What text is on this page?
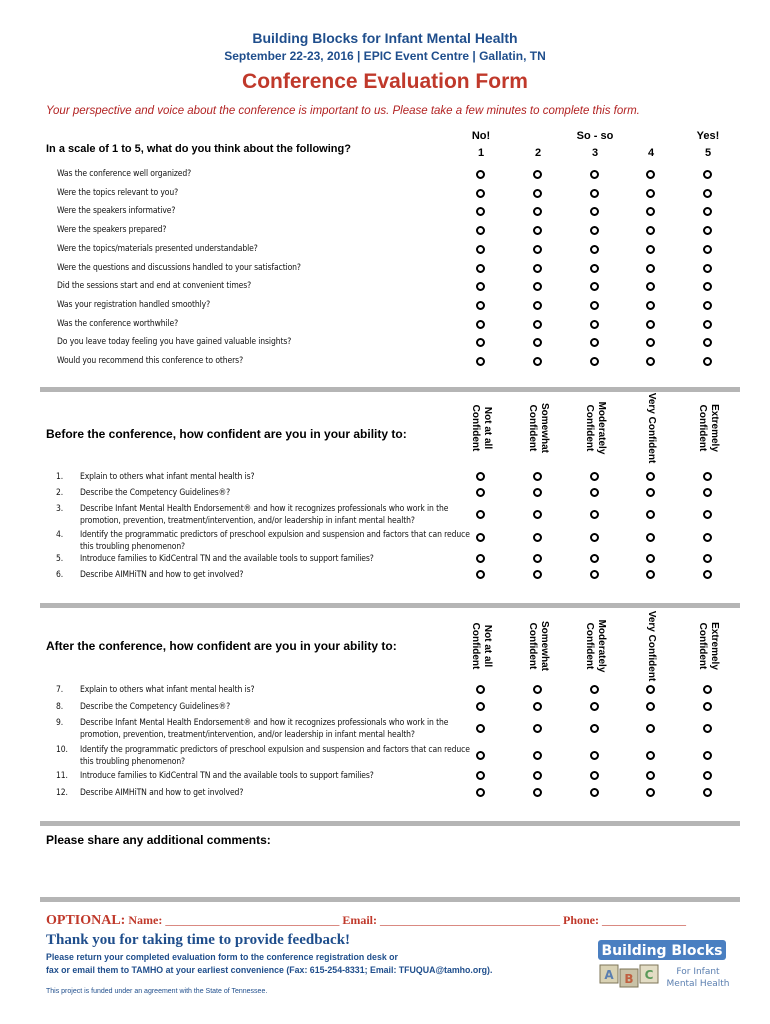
Building Blocks for Infant Mental Health
September 22-23, 2016 | EPIC Event Centre | Gallatin, TN
Conference Evaluation Form
Your perspective and voice about the conference is important to us. Please take a few minutes to complete this form.
In a scale of 1 to 5, what do you think about the following?
No!	So - so	Yes!
1	2	3	4	5
Was the conference well organized?
Were the topics relevant to you?
Were the speakers informative?
Were the speakers prepared?
Were the topics/materials presented understandable?
Were the questions and discussions handled to your satisfaction?
Did the sessions start and end at convenient times?
Was your registration handled smoothly?
Was the conference worthwhile?
Do you leave today feeling you have gained valuable insights?
Would you recommend this conference to others?
Before the conference, how confident are you in your ability to:	Not at all Confident	Somewhat Confident	Moderately Confident	Very Confident	Extremely Confident
1. Explain to others what infant mental health is?
2. Describe the Competency Guidelines®?
3. Describe Infant Mental Health Endorsement® and how it recognizes professionals who work in the promotion, prevention, treatment/intervention, and/or leadership in infant mental health?
4. Identify the programmatic predictors of preschool expulsion and suspension and factors that can reduce this troubling phenomenon?
5. Introduce families to KidCentral TN and the available tools to support families?
6. Describe AIMHiTN and how to get involved?
After the conference, how confident are you in your ability to:	Not at all Confident	Somewhat Confident	Moderately Confident	Very Confident	Extremely Confident
7. Explain to others what infant mental health is?
8. Describe the Competency Guidelines®?
9. Describe Infant Mental Health Endorsement® and how it recognizes professionals who work in the promotion, prevention, treatment/intervention, and/or leadership in infant mental health?
10. Identify the programmatic predictors of preschool expulsion and suspension and factors that can reduce this troubling phenomenon?
11. Introduce families to KidCentral TN and the available tools to support families?
12. Describe AIMHiTN and how to get involved?
Please share any additional comments:
OPTIONAL: Name: _____________________________ Email: ______________________________ Phone: ______________
Thank you for taking time to provide feedback!
Please return your completed evaluation form to the conference registration desk or
fax or email them to TAMHO at your earliest convenience (Fax: 615-254-8331; Email: TFUQUA@tamho.org).
This project is funded under an agreement with the State of Tennessee.
Building Blocks
A B C	For Infant
Mental Health
